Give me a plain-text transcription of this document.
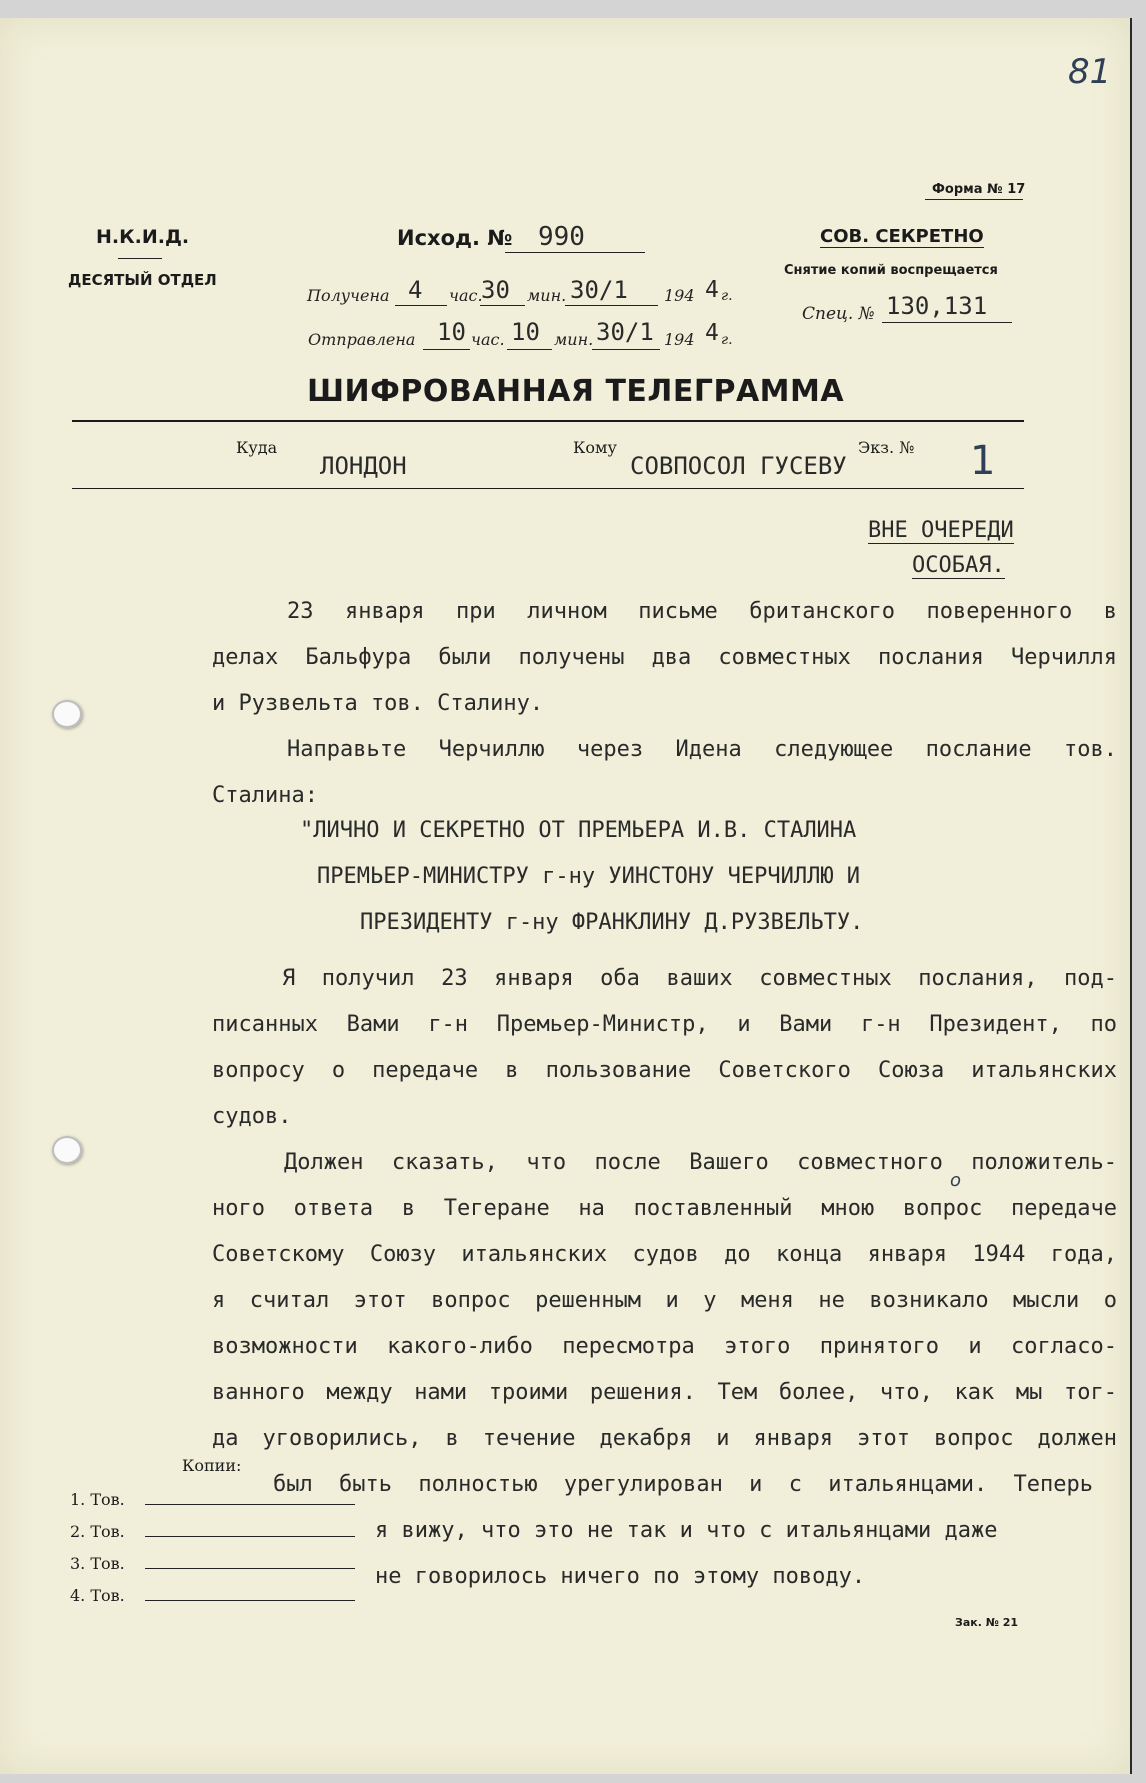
81
Форма № 17
Н.К.И.Д.
ДЕСЯТЫЙ ОТДЕЛ
Исход. № 990
Получена 4 час.
30 мин. 30/1 194 4 г.
Отправлена 10 час. 10 мин. 30/1 194 4 г.
СОВ. СЕКРЕТНО
Снятие копий воспрещается
Спец. № 130,131
ШИФРОВАННАЯ ТЕЛЕГРАММА
Куда
ЛОНДОН
Кому
СОВПОСОЛ ГУСЕВУ
Экз. № 1
ВНЕ ОЧЕРЕДИ
ОСОБАЯ.
23 января при личном письме британского поверенного в
делах Бальфура были получены два совместных послания Черчилля
и Рузвельта тов. Сталину.
Направьте Черчиллю через Идена следующее послание тов.
Сталина:
"ЛИЧНО И СЕКРЕТНО ОТ ПРЕМЬЕРА И.В. СТАЛИНА
ПРЕМЬЕР-МИНИСТРУ г-ну УИНСТОНУ ЧЕРЧИЛЛЮ И
ПРЕЗИДЕНТУ г-ну ФРАНКЛИНУ Д.РУЗВЕЛЬТУ.
Я получил 23 января оба ваших совместных послания, под-
писанных Вами г-н Премьер-Министр, и Вами г-н Президент, по
вопросу о передаче в пользование Советского Союза итальянских
судов.
Должен сказать, что после Вашего совместного положитель-
ного ответа в Тегеране на поставленный мною вопрос передаче
Советскому Союзу итальянских судов до конца января 1944 года,
я считал этот вопрос решенным и у меня не возникало мысли о
возможности какого-либо пересмотра этого принятого и согласо-
ванного между нами троими решения. Тем более, что, как мы тог-
да уговорились, в течение декабря и января этот вопрос должен
о
был быть полностью урегулирован и с итальянцами. Теперь
я вижу, что это не так и что с итальянцами даже
не говорилось ничего по этому поводу.
Копии:
1. Тов.
2. Тов.
3. Тов.
4. Тов.
Зак. № 21
